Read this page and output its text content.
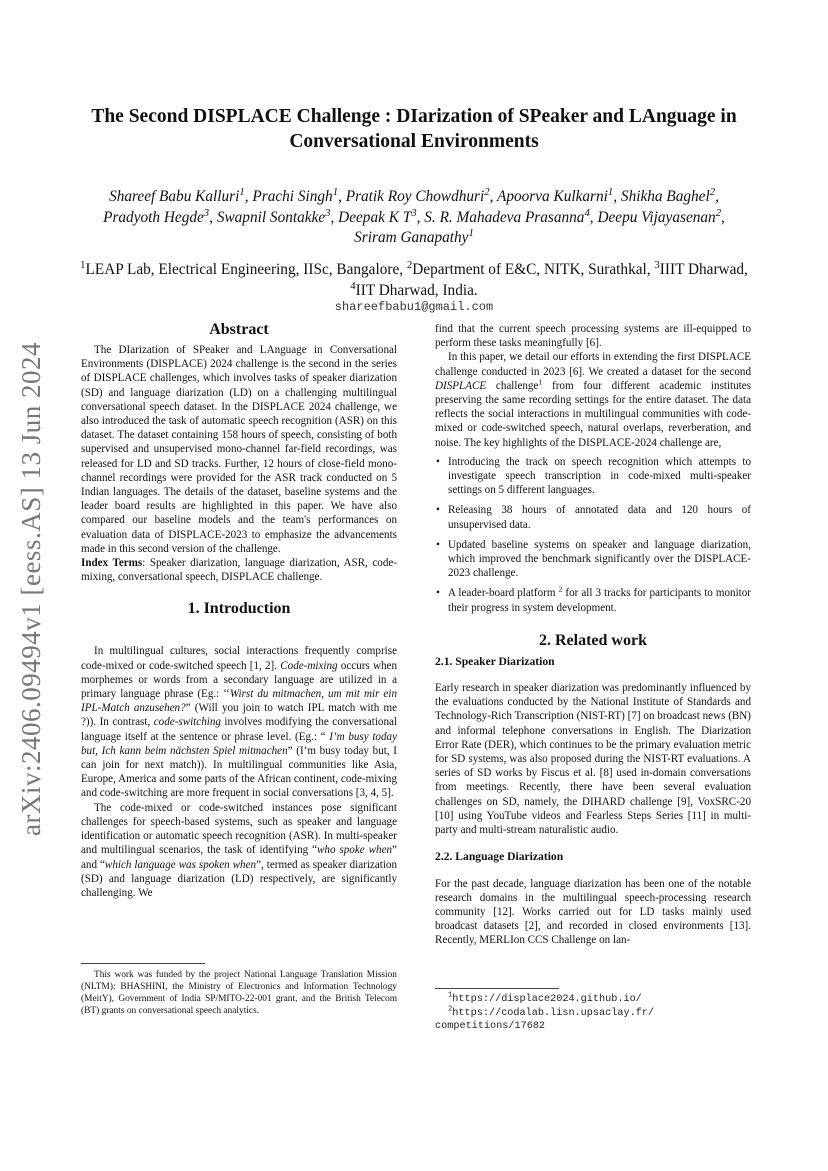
arXiv:2406.09494v1 [eess.AS] 13 Jun 2024
The Second DISPLACE Challenge : DIarization of SPeaker and LAnguage in
Conversational Environments
Shareef Babu Kalluri$^1$, Prachi Singh$^1$, Pratik Roy Chowdhuri$^2$, Apoorva Kulkarni$^1$, Shikha Baghel$^2$, Pradyoth Hegde$^3$, Swapnil Sontakke$^3$, Deepak K $T^3$, S. R. Mahadeva Prasanna$^4$, Deepu Vijayasenan$^2$, Sriram Ganapathy$^1$
$^1$LEAP Lab, Electrical Engineering, IISc, Bangalore, $^2$Department of E&C, NITK, Surathkal, $^3$IIIT Dharwad, $^4$IIT Dharwad, India.
shareefbabu1@gmail.com
Abstract

The DIarization of SPeaker and LAnguage in Conversational Environments (DISPLACE) 2024 challenge is the second in the series of DISPLACE challenges, which involves tasks of speaker diarization (SD) and language diarization (LD) on a challenging multilingual conversational speech dataset. In the DISPLACE 2024 challenge, we also introduced the task of automatic speech recognition (ASR) on this dataset. The dataset containing 158 hours of speech, consisting of both supervised and unsupervised mono-channel far-field recordings, was released for LD and SD tracks. Further, 12 hours of close-field mono-channel recordings were provided for the ASR track conducted on 5 Indian languages. The details of the dataset, baseline systems and the leader board results are highlighted in this paper. We have also compared our baseline models and the team's performances on evaluation data of DISPLACE-2023 to emphasize the advancements made in this second version of the challenge.

Index Terms: Speaker diarization, language diarization, ASR, code-mixing, conversational speech, DISPLACE challenge.

1. Introduction

In multilingual cultures, social interactions frequently comprise code-mixed or code-switched speech [1, 2]. Code-mixing occurs when morphemes or words from a secondary language are utilized in a primary language phrase (Eg.: ‘‘Wirst du mitmachen, um mit mir ein IPL-Match anzusehen?” (Will you join to watch IPL match with me ?)). In contrast, code-switching involves modifying the conversational language itself at the sentence or phrase level. (Eg.: “ I’m busy today but, Ich kann beim nächsten Spiel mitmachen” (I’m busy today but, I can join for next match)). In multilingual communities like Asia, Europe, America and some parts of the African continent, code-mixing and code-switching are more frequent in social conversations [3, 4, 5].

The code-mixed or code-switched instances pose significant challenges for speech-based systems, such as speaker and language identification or automatic speech recognition (ASR). In multi-speaker and multilingual scenarios, the task of identifying “who spoke when” and “which language was spoken when”, termed as speaker diarization (SD) and language diarization (LD) respectively, are significantly challenging. We

This work was funded by the project National Language Translation Mission (NLTM): BHASHINI, the Ministry of Electronics and Information Technology (MeitY), Government of India SP/MITO-22-001 grant, and the British Telecom (BT) grants on conversational speech analytics.

find that the current speech processing systems are ill-equipped to perform these tasks meaningfully [6].

In this paper, we detail our efforts in extending the first DISPLACE challenge conducted in 2023 [6]. We created a dataset for the second DISPLACE challenge$^1$ from four different academic institutes preserving the same recording settings for the entire dataset. The data reflects the social interactions in multilingual communities with code-mixed or code-switched speech, natural overlaps, reverberation, and noise. The key highlights of the DISPLACE-2024 challenge are,

• Introducing the track on speech recognition which attempts to investigate speech transcription in code-mixed multi-speaker settings on 5 different languages.
• Releasing 38 hours of annotated data and 120 hours of unsupervised data.
• Updated baseline systems on speaker and language diarization, which improved the benchmark significantly over the DISPLACE-2023 challenge.
• A leader-board platform $^2$ for all 3 tracks for participants to monitor their progress in system development.
2. Related work
2.1. Speaker Diarization

Early research in speaker diarization was predominantly influenced by the evaluations conducted by the National Institute of Standards and Technology-Rich Transcription (NIST-RT) [7] on broadcast news (BN) and informal telephone conversations in English. The Diarization Error Rate (DER), which continues to be the primary evaluation metric for SD systems, was also proposed during the NIST-RT evaluations. A series of SD works by Fiscus et al. [8] used in-domain conversations from meetings. Recently, there have been several evaluation challenges on SD, namely, the DIHARD challenge [9], VoxSRC-20 [10] using YouTube videos and Fearless Steps Series [11] in multi-party and multi-stream naturalistic audio.

2.2. Language Diarization

For the past decade, language diarization has been one of the notable research domains in the multilingual speech-processing research community [12]. Works carried out for LD tasks mainly used broadcast datasets [2], and recorded in closed environments [13]. Recently, MERLIon CCS Challenge on lan-

$^1$https://displace2024.github.io/
$^2$https://codalab.lisn.upsaclay.fr/
competitions/17682
